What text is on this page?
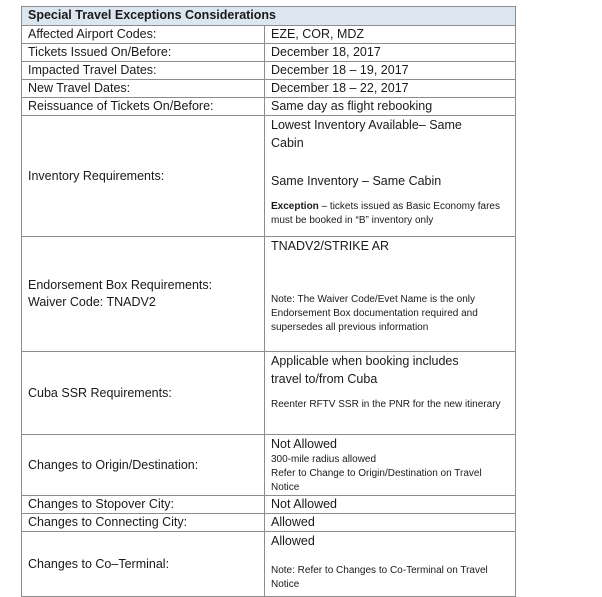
Special Travel Exceptions Considerations	
Affected Airport Codes:	EZE, COR, MDZ
Tickets Issued On/Before:	December 18, 2017
Impacted Travel Dates:	December 18 – 19, 2017
New Travel Dates:	December 18 – 22, 2017
Reissuance of Tickets On/Before:	Same day as flight rebooking
Inventory Requirements:	Lowest Inventory Available– Same Cabin
Same Inventory – Same Cabin
Exception – tickets issued as Basic Economy fares must be booked in “B” inventory only

Endorsement Box Requirements:
Waiver Code: TNADV2	TNADV2/STRIKE AR
Note: The Waiver Code/Evet Name is the only Endorsement Box documentation required and supersedes all previous information

Cuba SSR Requirements:	Applicable when booking includes travel to/from Cuba
Reenter RFTV SSR in the PNR for the new itinerary

Changes to Origin/Destination:	Not Allowed
300-mile radius allowed
Refer to Change to Origin/Destination on Travel Notice

Changes to Stopover City:	Not Allowed
Changes to Connecting City:	Allowed
Changes to Co–Terminal:	Allowed
Note: Refer to Changes to Co-Terminal on Travel Notice
